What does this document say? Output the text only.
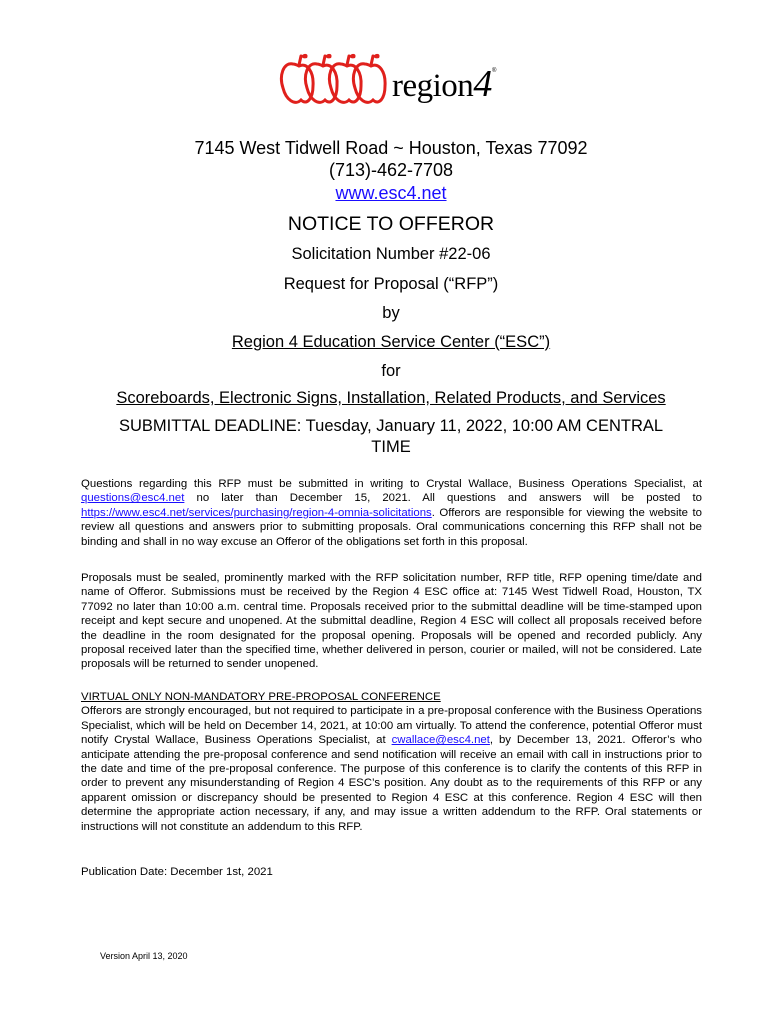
region4 ®
7145 West Tidwell Road ~ Houston, Texas 77092
(713)-462-7708
www.esc4.net
NOTICE TO OFFEROR
Solicitation Number #22-06
Request for Proposal (“RFP”)
by
Region 4 Education Service Center (“ESC”)
for
Scoreboards, Electronic Signs, Installation, Related Products, and Services
SUBMITTAL DEADLINE: Tuesday, January 11, 2022, 10:00 AM CENTRAL
TIME

Questions regarding this RFP must be submitted in writing to Crystal Wallace, Business Operations Specialist, at questions@esc4.net no later than December 15, 2021. All questions and answers will be posted to https://www.esc4.net/services/purchasing/region-4-omnia-solicitations. Offerors are responsible for viewing the website to review all questions and answers prior to submitting proposals. Oral communications concerning this RFP shall not be binding and shall in no way excuse an Offeror of the obligations set forth in this proposal.

Proposals must be sealed, prominently marked with the RFP solicitation number, RFP title, RFP opening time/date and name of Offeror. Submissions must be received by the Region 4 ESC office at: 7145 West Tidwell Road, Houston, TX 77092 no later than 10:00 a.m. central time. Proposals received prior to the submittal deadline will be time-stamped upon receipt and kept secure and unopened. At the submittal deadline, Region 4 ESC will collect all proposals received before the deadline in the room designated for the proposal opening. Proposals will be opened and recorded publicly. Any proposal received later than the specified time, whether delivered in person, courier or mailed, will not be considered. Late proposals will be returned to sender unopened.

VIRTUAL ONLY NON-MANDATORY PRE-PROPOSAL CONFERENCE

Offerors are strongly encouraged, but not required to participate in a pre-proposal conference with the Business Operations Specialist, which will be held on December 14, 2021, at 10:00 am virtually. To attend the conference, potential Offeror must notify Crystal Wallace, Business Operations Specialist, at cwallace@esc4.net, by December 13, 2021. Offeror’s who anticipate attending the pre-proposal conference and send notification will receive an email with call in instructions prior to the date and time of the pre-proposal conference. The purpose of this conference is to clarify the contents of this RFP in order to prevent any misunderstanding of Region 4 ESC’s position. Any doubt as to the requirements of this RFP or any apparent omission or discrepancy should be presented to Region 4 ESC at this conference. Region 4 ESC will then determine the appropriate action necessary, if any, and may issue a written addendum to the RFP. Oral statements or instructions will not constitute an addendum to this RFP.

Publication Date: December 1st, 2021
Version April 13, 2020
